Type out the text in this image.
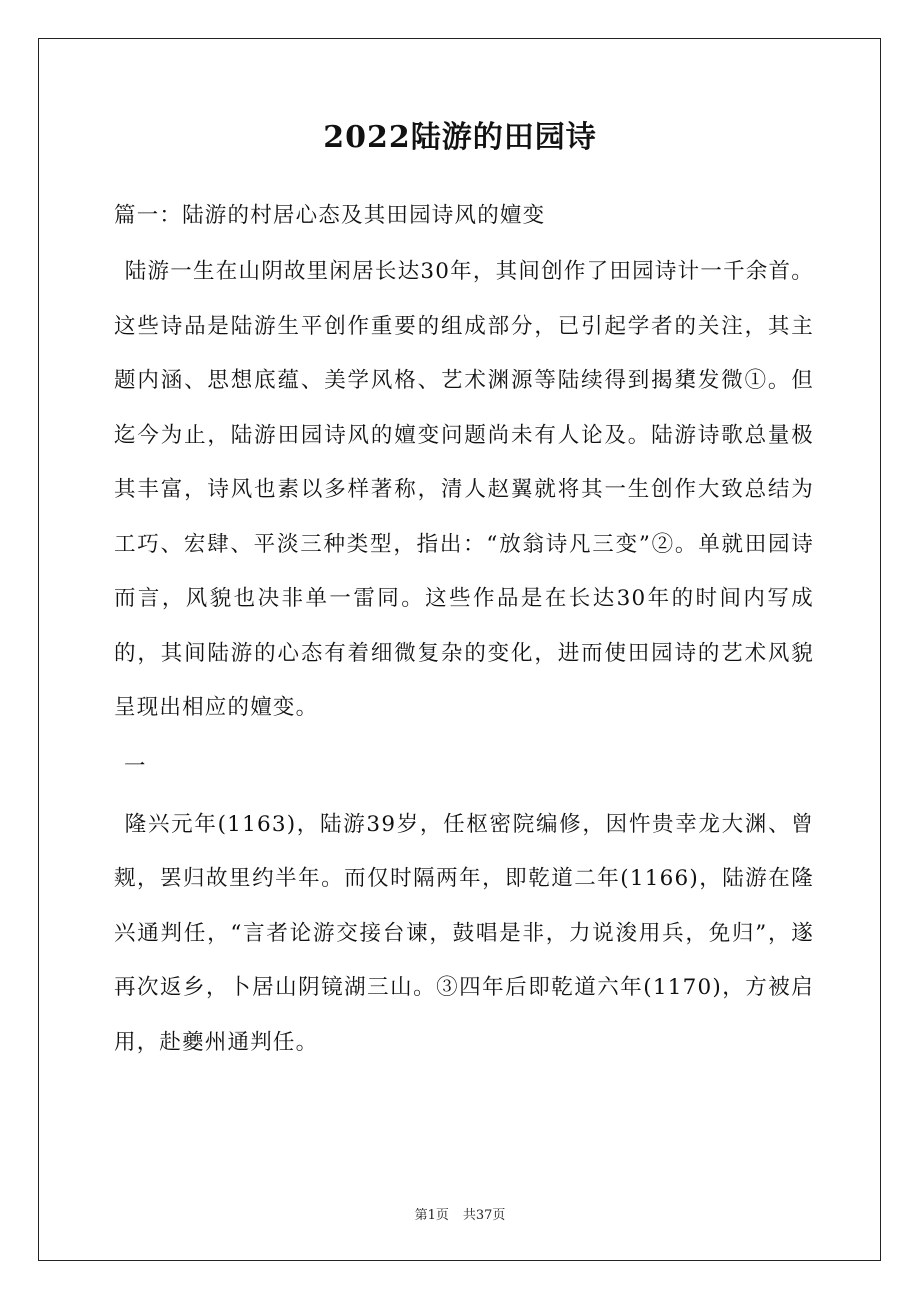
2022陆游的田园诗

篇一：陆游的村居心态及其田园诗风的嬗变

陆游一生在山阴故里闲居长达30年，其间创作了田园诗计一千余首。这些诗品是陆游生平创作重要的组成部分，已引起学者的关注，其主题内涵、思想底蕴、美学风格、艺术渊源等陆续得到揭橥发微①。但迄今为止，陆游田园诗风的嬗变问题尚未有人论及。陆游诗歌总量极其丰富，诗风也素以多样著称，清人赵翼就将其一生创作大致总结为工巧、宏肆、平淡三种类型，指出：“放翁诗凡三变”②。单就田园诗而言，风貌也决非单一雷同。这些作品是在长达30年的时间内写成的，其间陆游的心态有着细微复杂的变化，进而使田园诗的艺术风貌呈现出相应的嬗变。

一

隆兴元年(1163)，陆游39岁，任枢密院编修，因忤贵幸龙大渊、曾觌，罢归故里约半年。而仅时隔两年，即乾道二年(1166)，陆游在隆兴通判任，“言者论游交接台谏，鼓唱是非，力说浚用兵，免归”，遂再次返乡，卜居山阴镜湖三山。③四年后即乾道六年(1170)，方被启用，赴夔州通判任。

第1页 共37页
